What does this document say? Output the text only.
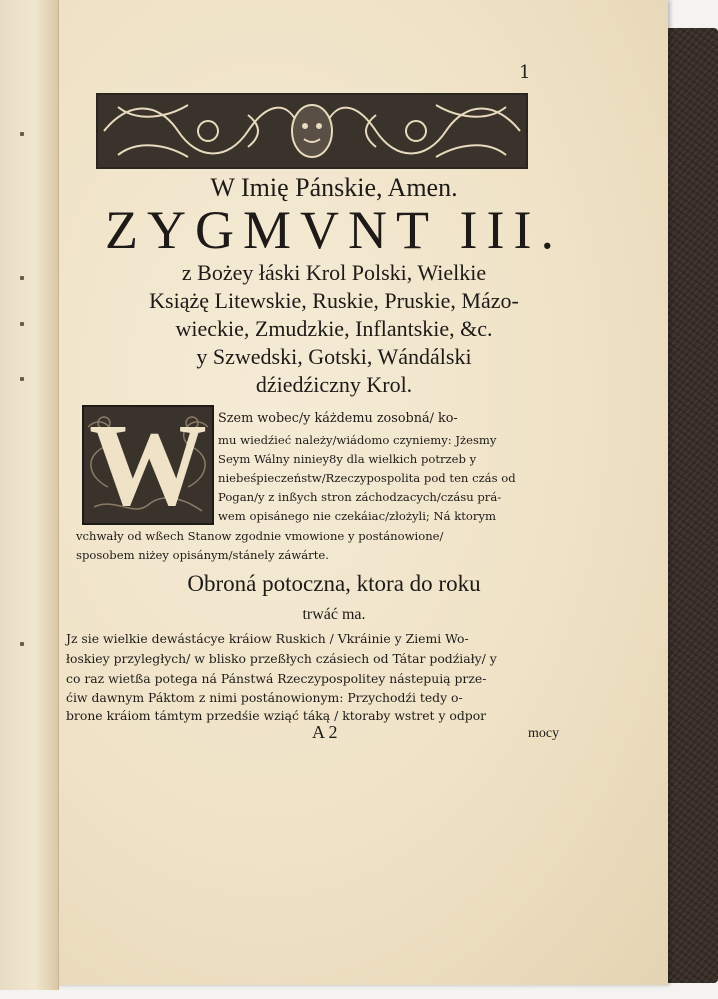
1
W Imię Pánskie, Amen.
ZYGMVNT III.
z Bożey łáski Krol Polski, Wielkie
Książę Litewskie, Ruskie, Pruskie, Mázo-
wieckie, Zmudzkie, Inflantskie, &c.
y Szwedski, Gotski, Wándálski
dźiedźiczny Krol.
W Szem wobec/y káżdemu zosobná/ ko-
mu wiedźieć należy/wiádomo czyniemy: Jżesmy
Seym Wálny niniey8y dla wielkich potrzeb y
niebeśpieczeństw/Rzeczypospolita pod ten czás od
Pogan/y z inßych stron záchodzacych/czásu prá-
wem opisánego nie czekáiac/złożyli; Ná ktorym
vchwały od wßech Stanow zgodnie vmowione y postánowione/
sposobem niżey opisánym/stánely záwárte.
Obroná potoczna, ktora do roku
trwáć ma.
Jz sie wielkie dewástácye kráiow Ruskich / Vkráinie y Ziemi Wo-
łoskiey przyległych/ w blisko przeßłych czásiech od Tátar podźiały/ y
co raz wietßa potega ná Pánstwá Rzeczypospolitey nástepuią prze-
ćiw dawnym Páktom z nimi postánowionym: Przychodźi tedy o-
brone kráiom támtym przedśie wziąć táką / ktoraby wstret y odpor
A 2	mocy
